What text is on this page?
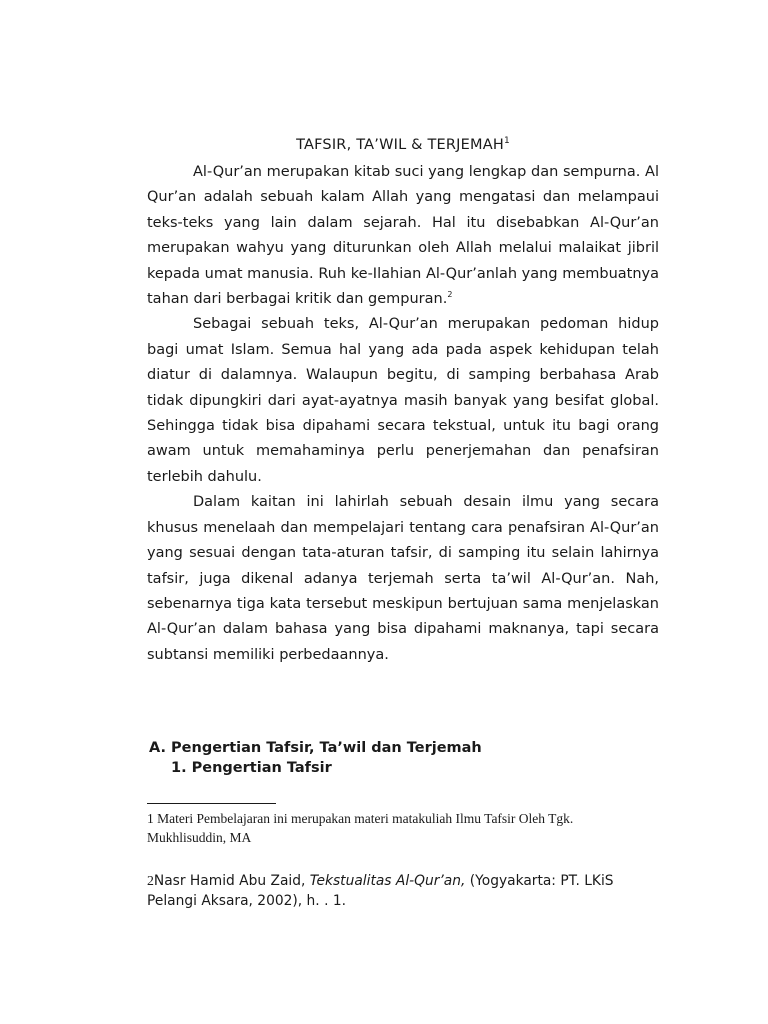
TAFSIR, TA’WIL & TERJEMAH$^1$

Al-Qur’an merupakan kitab suci yang lengkap dan sempurna. Al Qur’an adalah sebuah kalam Allah yang mengatasi dan melampaui teks-teks yang lain dalam sejarah. Hal itu disebabkan Al-Qur’an merupakan wahyu yang diturunkan oleh Allah melalui malaikat jibril kepada umat manusia. Ruh ke-Ilahian Al-Qur’anlah yang membuatnya tahan dari berbagai kritik dan gempuran.$^2$

Sebagai sebuah teks, Al-Qur’an merupakan pedoman hidup bagi umat Islam. Semua hal yang ada pada aspek kehidupan telah diatur di dalamnya. Walaupun begitu, di samping berbahasa Arab tidak dipungkiri dari ayat-ayatnya masih banyak yang besifat global. Sehingga tidak bisa dipahami secara tekstual, untuk itu bagi orang awam untuk memahaminya perlu penerjemahan dan penafsiran terlebih dahulu.

Dalam kaitan ini lahirlah sebuah desain ilmu yang secara khusus menelaah dan mempelajari tentang cara penafsiran Al-Qur’an yang sesuai dengan tata-aturan tafsir, di samping itu selain lahirnya tafsir, juga dikenal adanya terjemah serta ta’wil Al-Qur’an. Nah, sebenarnya tiga kata tersebut meskipun bertujuan sama menjelaskan Al-Qur’an dalam bahasa yang bisa dipahami maknanya, tapi secara subtansi memiliki perbedaannya.

A. Pengertian Tafsir, Ta’wil dan Terjemah
1. Pengertian Tafsir
1 Materi Pembelajaran ini merupakan materi matakuliah Ilmu Tafsir Oleh Tgk. Mukhlisuddin, MA
2Nasr Hamid Abu Zaid, Tekstualitas Al-Qur’an, (Yogyakarta: PT. LKiS Pelangi Aksara, 2002), h. . 1.
